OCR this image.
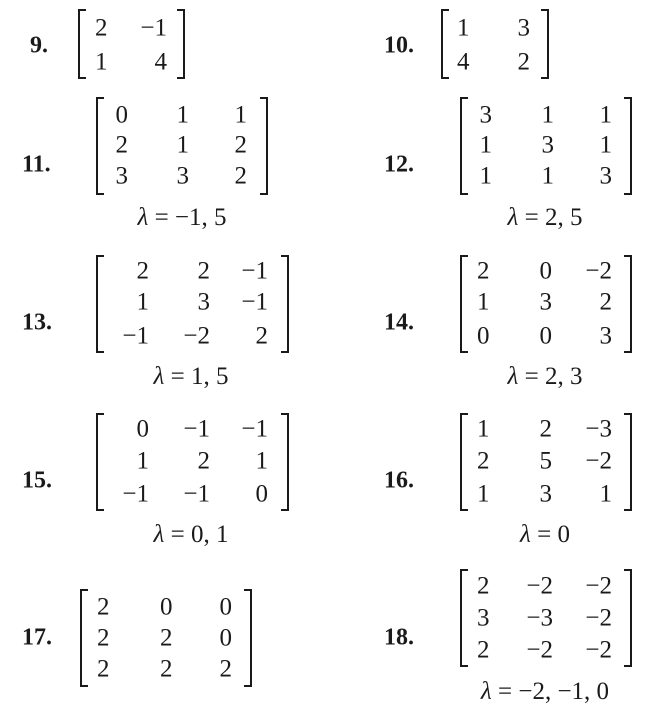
9.
2 −1
1 4
10.
1 3
4 2
11.
0 1 1
2 1 2
3 3 2
λ = −1, 5
12.
3 1 1
1 3 1
1 1 3
λ = 2, 5
13.
2 2 −1
1 3 −1
−1 −2 2
λ = 1, 5
14.
2 0 −2
1 3 2
0 0 3
λ = 2, 3
15.
0 −1 −1
1 2 1
−1 −1 0
λ = 0, 1
16.
1 2 −3
2 5 −2
1 3 1
λ = 0
17.
2 0 0
2 2 0
2 2 2
18.
2 −2 −2
3 −3 −2
2 −2 −2
λ = −2, −1, 0
